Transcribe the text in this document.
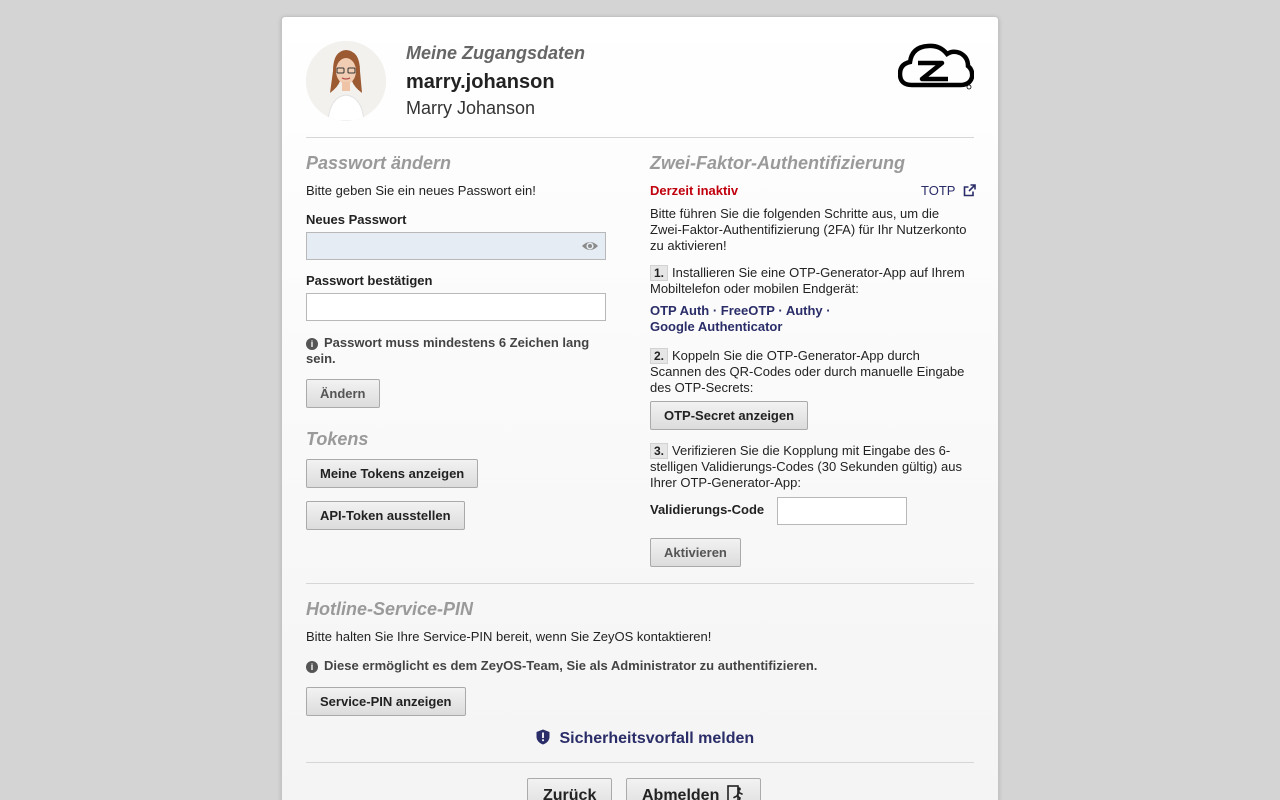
Meine Zugangsdaten
marry.johanson
Marry Johanson
Passwort ändern
Bitte geben Sie ein neues Passwort ein!
Neues Passwort
Passwort bestätigen
i Passwort muss mindestens 6 Zeichen lang sein.
Ändern
Tokens
Meine Tokens anzeigen
API-Token ausstellen
Zwei-Faktor-Authentifizierung
Derzeit inaktiv	TOTP
Bitte führen Sie die folgenden Schritte aus, um die Zwei-Faktor-Authentifizierung (2FA) für Ihr Nutzerkonto zu aktivieren!
1. Installieren Sie eine OTP-Generator-App auf Ihrem Mobiltelefon oder mobilen Endgerät:
OTP Auth · FreeOTP · Authy ·
Google Authenticator
2. Koppeln Sie die OTP-Generator-App durch Scannen des QR-Codes oder durch manuelle Eingabe des OTP-Secrets:
OTP-Secret anzeigen
3. Verifizieren Sie die Kopplung mit Eingabe des 6-stelligen Validierungs-Codes (30 Sekunden gültig) aus Ihrer OTP-Generator-App:
Validierungs-Code
Aktivieren
Hotline-Service-PIN
Bitte halten Sie Ihre Service-PIN bereit, wenn Sie ZeyOS kontaktieren!
i Diese ermöglicht es dem ZeyOS-Team, Sie als Administrator zu authentifizieren.
Service-PIN anzeigen
Sicherheitsvorfall melden
Zurück	Abmelden
